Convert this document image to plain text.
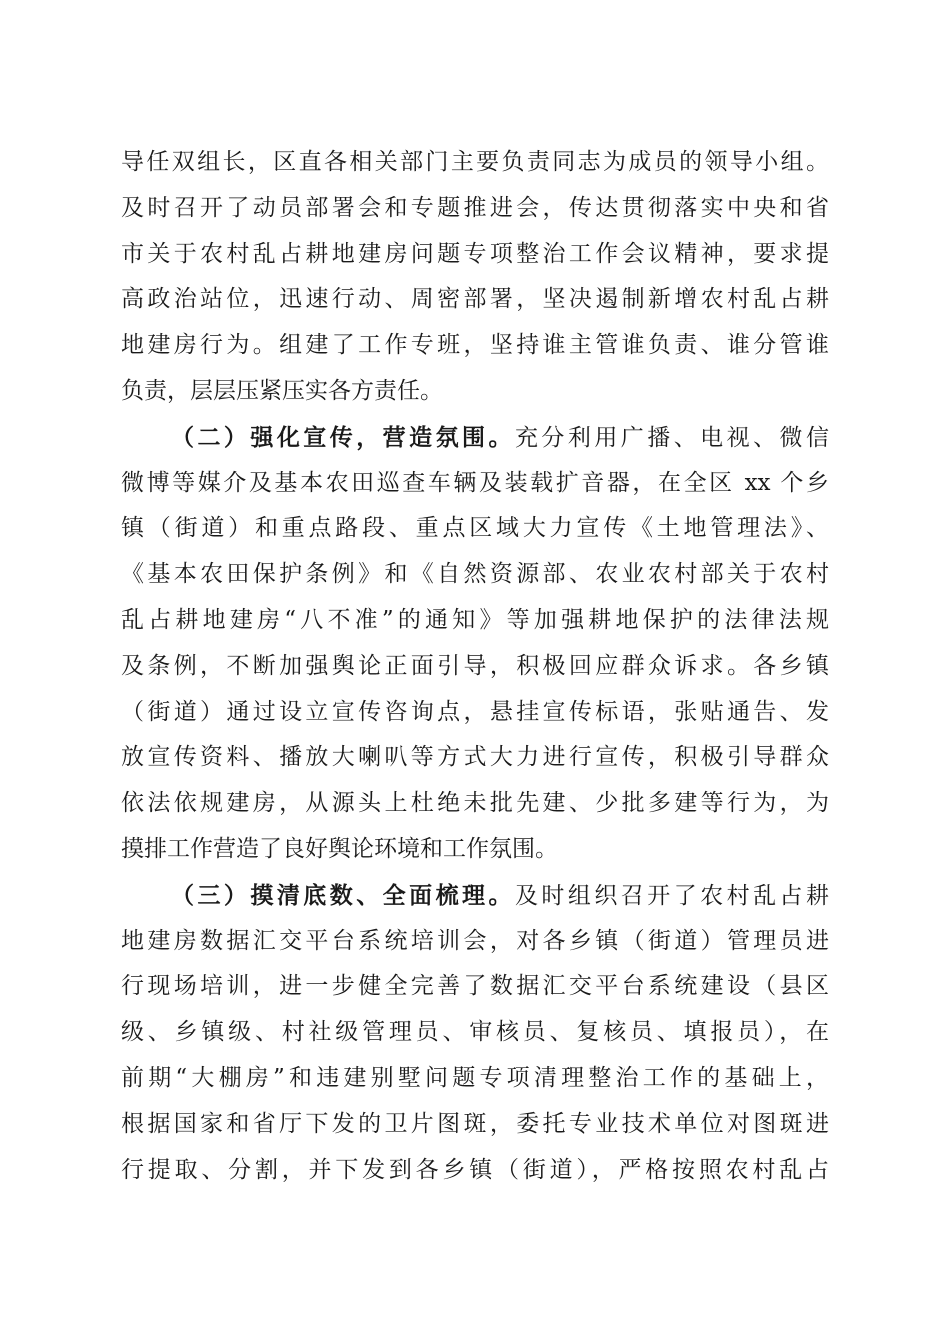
导任双组长，区直各相关部门主要负责同志为成员的领导小组。
及时召开了动员部署会和专题推进会，传达贯彻落实中央和省
市关于农村乱占耕地建房问题专项整治工作会议精神，要求提
高政治站位，迅速行动、周密部署，坚决遏制新增农村乱占耕
地建房行为。组建了工作专班，坚持谁主管谁负责、谁分管谁
负责，层层压紧压实各方责任。
（二）强化宣传，营造氛围。充分利用广播、电视、微信
微博等媒介及基本农田巡查车辆及装载扩音器，在全区 xx 个乡
镇（街道）和重点路段、重点区域大力宣传《土地管理法》、
《基本农田保护条例》和《自然资源部、农业农村部关于农村
乱占耕地建房“八不准”的通知》等加强耕地保护的法律法规
及条例，不断加强舆论正面引导，积极回应群众诉求。各乡镇
（街道）通过设立宣传咨询点，悬挂宣传标语，张贴通告、发
放宣传资料、播放大喇叭等方式大力进行宣传，积极引导群众
依法依规建房，从源头上杜绝未批先建、少批多建等行为，为
摸排工作营造了良好舆论环境和工作氛围。
（三）摸清底数、全面梳理。及时组织召开了农村乱占耕
地建房数据汇交平台系统培训会，对各乡镇（街道）管理员进
行现场培训，进一步健全完善了数据汇交平台系统建设（县区
级、乡镇级、村社级管理员、审核员、复核员、填报员），在
前期“大棚房”和违建别墅问题专项清理整治工作的基础上，
根据国家和省厅下发的卫片图斑，委托专业技术单位对图斑进
行提取、分割，并下发到各乡镇（街道），严格按照农村乱占
